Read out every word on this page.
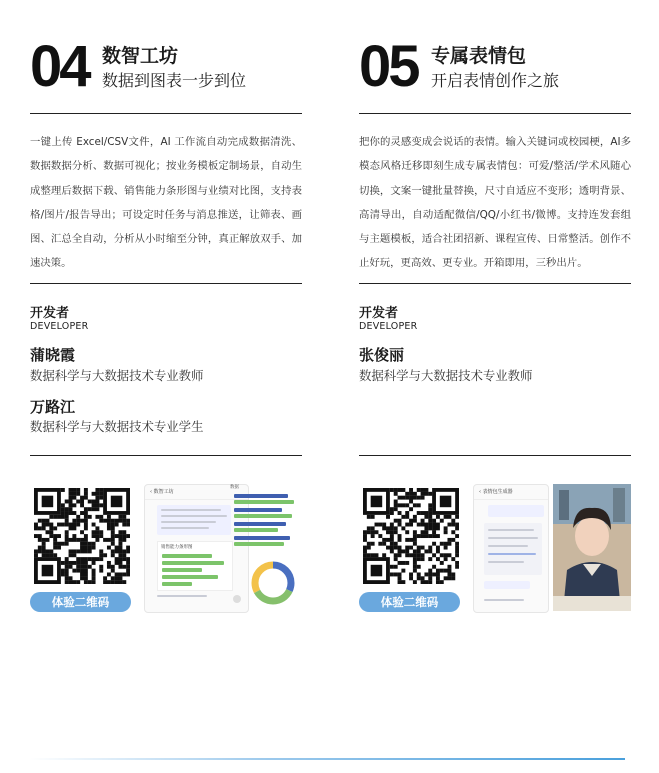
04 数智工坊
数据到图表一步到位
一键上传 Excel/CSV文件，AI 工作流自动完成数据清洗、数据数据分析、数据可视化；按业务模板定制场景，自动生成整理后数据下载、销售能力条形图与业绩对比图，支持表格/图片/报告导出；可设定时任务与消息推送，让筛表、画图、汇总全自动，分析从小时缩至分钟，真正解放双手、加速决策。
开发者
DEVELOPER
蒲晓霞
数据科学与大数据技术专业教师
万路江
数据科学与大数据技术专业学生
体验二维码
‹ 数智工坊
销售能力条形图
数据
05 专属表情包
开启表情创作之旅
把你的灵感变成会说话的表情。输入关键词或校园梗，AI多模态风格迁移即刻生成专属表情包：可爱/整活/学术风随心切换，文案一键批量替换，尺寸自适应不变形；透明背景、高清导出，自动适配微信/QQ/小红书/微博。支持连发套组与主题模板，适合社团招新、课程宣传、日常整活。创作不止好玩，更高效、更专业。开箱即用，三秒出片。
开发者
DEVELOPER
张俊丽
数据科学与大数据技术专业教师
体验二维码
‹ 表情包生成器
